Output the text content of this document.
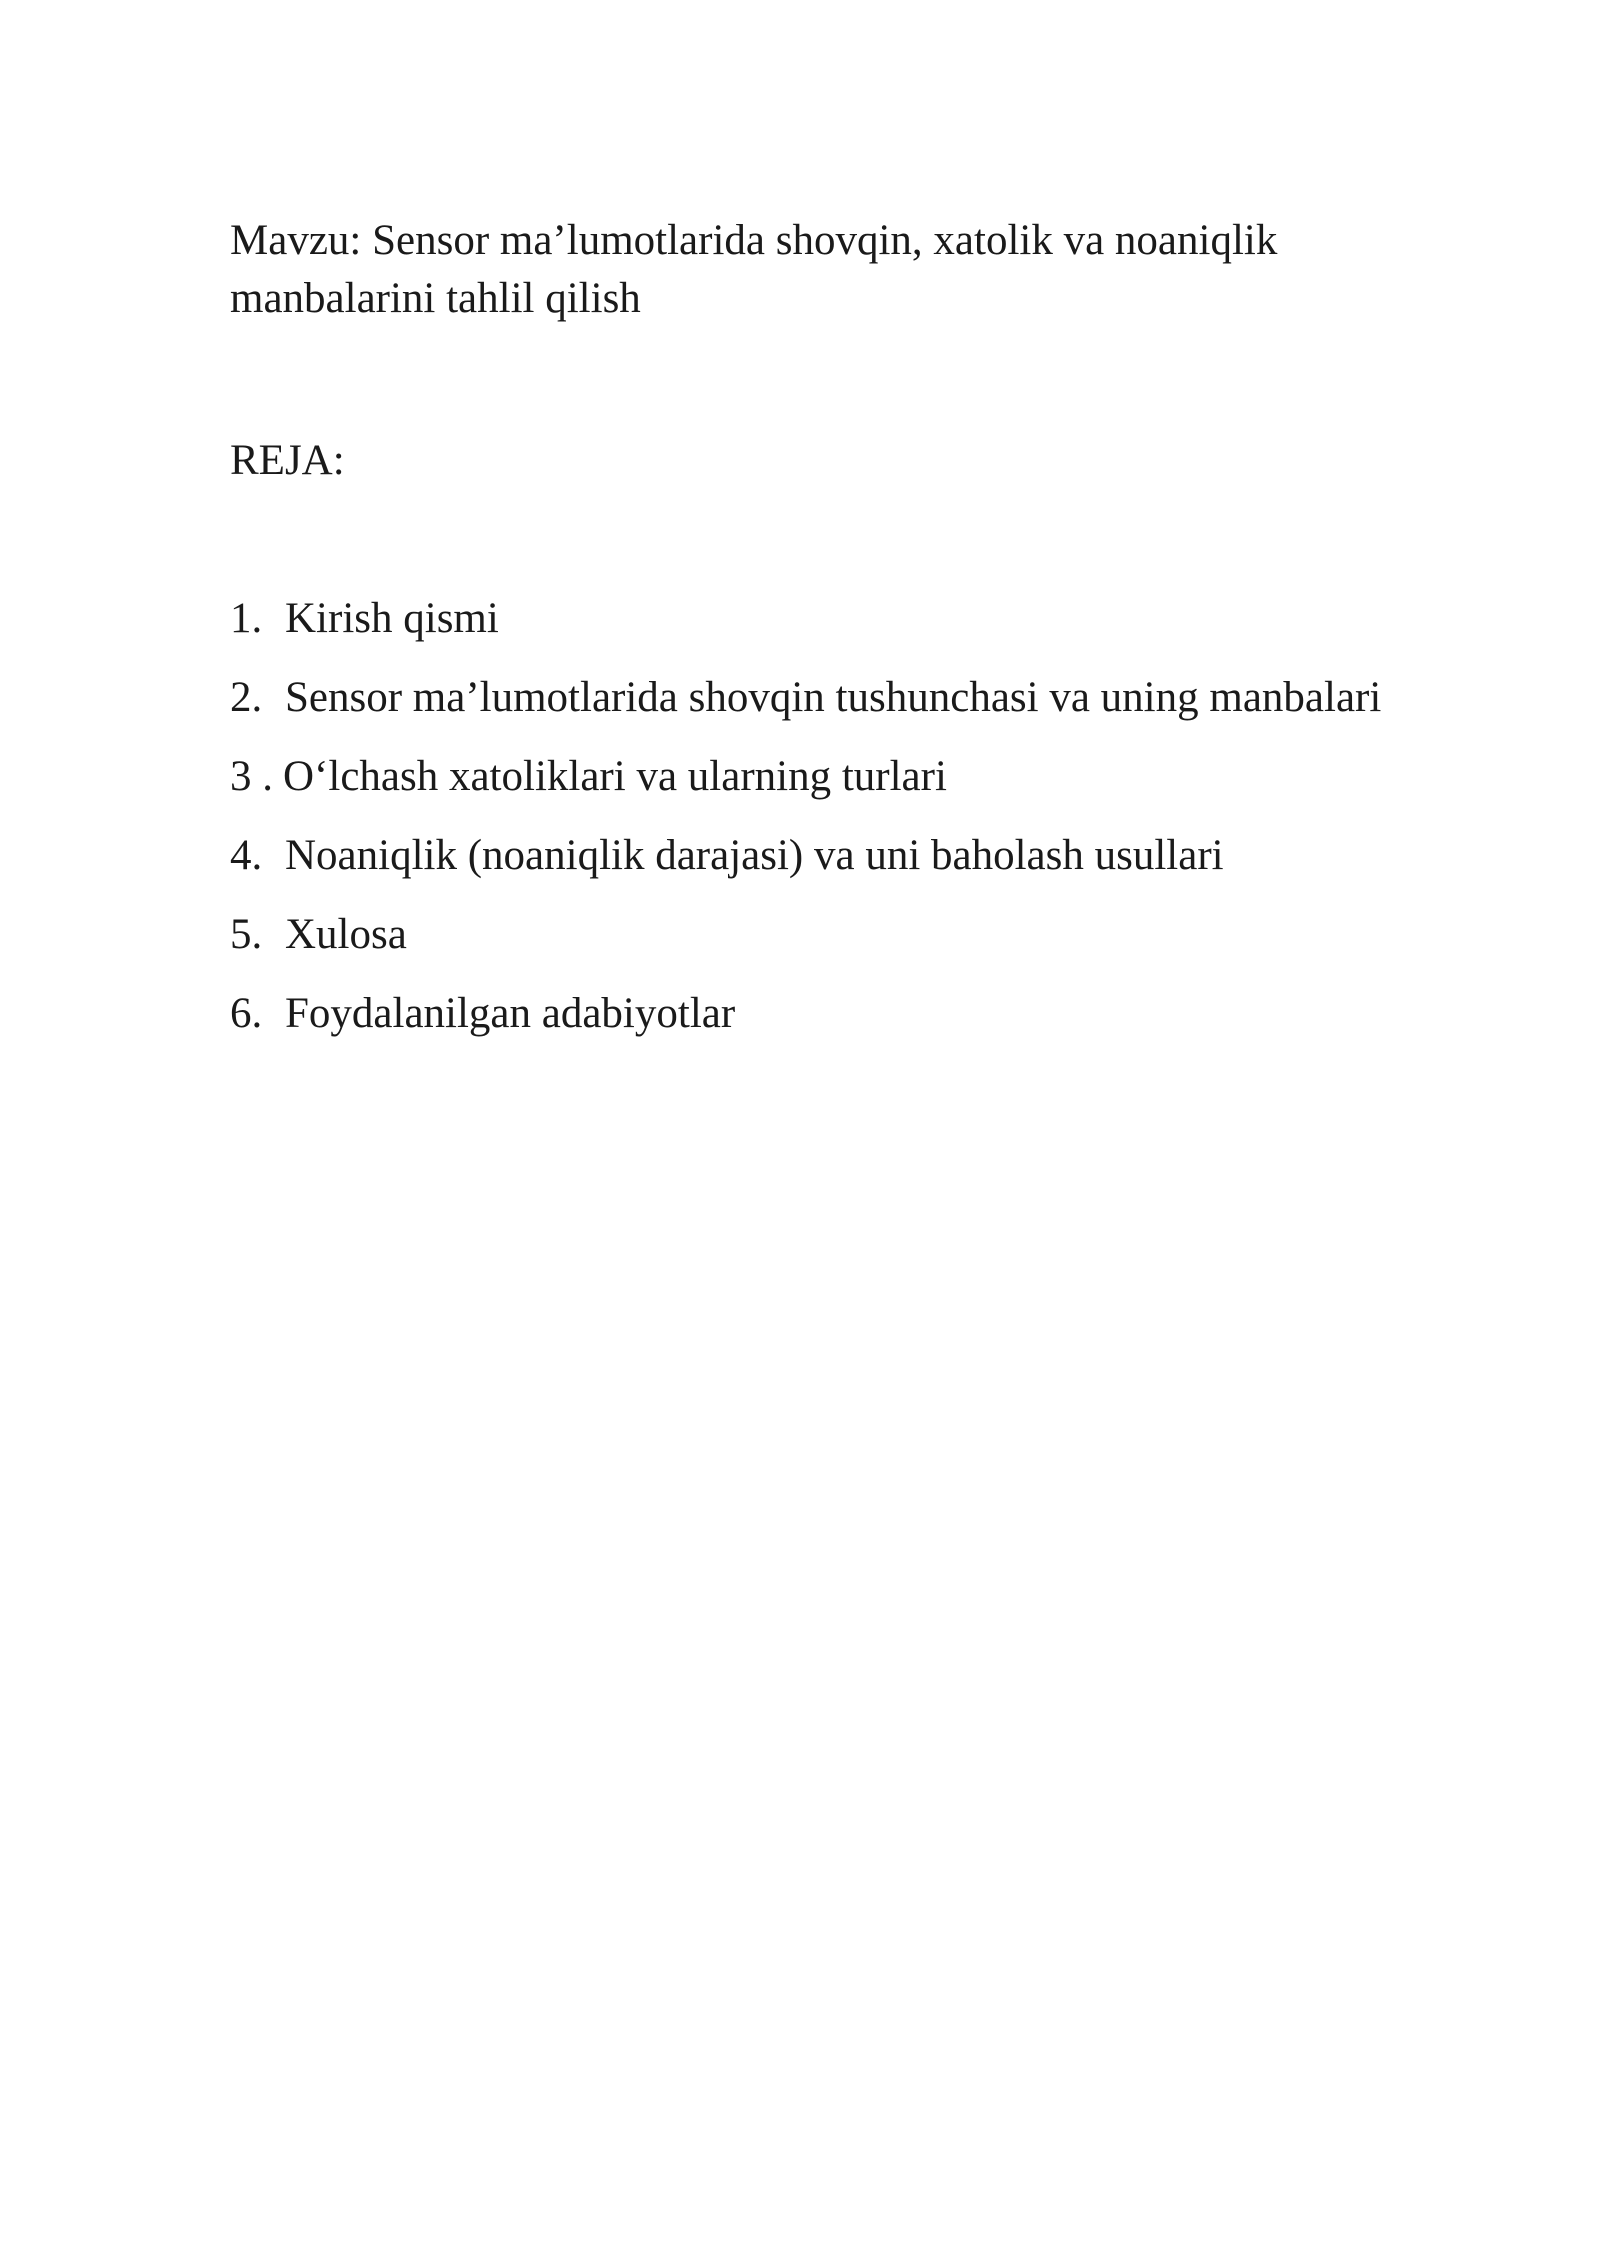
Mavzu: Sensor ma’lumotlarida shovqin, xatolik va noaniqlik manbalarini tahlil qilish

REJA:

1. Kirish qismi
2. Sensor ma’lumotlarida shovqin tushunchasi va uning manbalari
3 . O‘lchash xatoliklari va ularning turlari
4. Noaniqlik (noaniqlik darajasi) va uni baholash usullari
5. Xulosa
6. Foydalanilgan adabiyotlar
